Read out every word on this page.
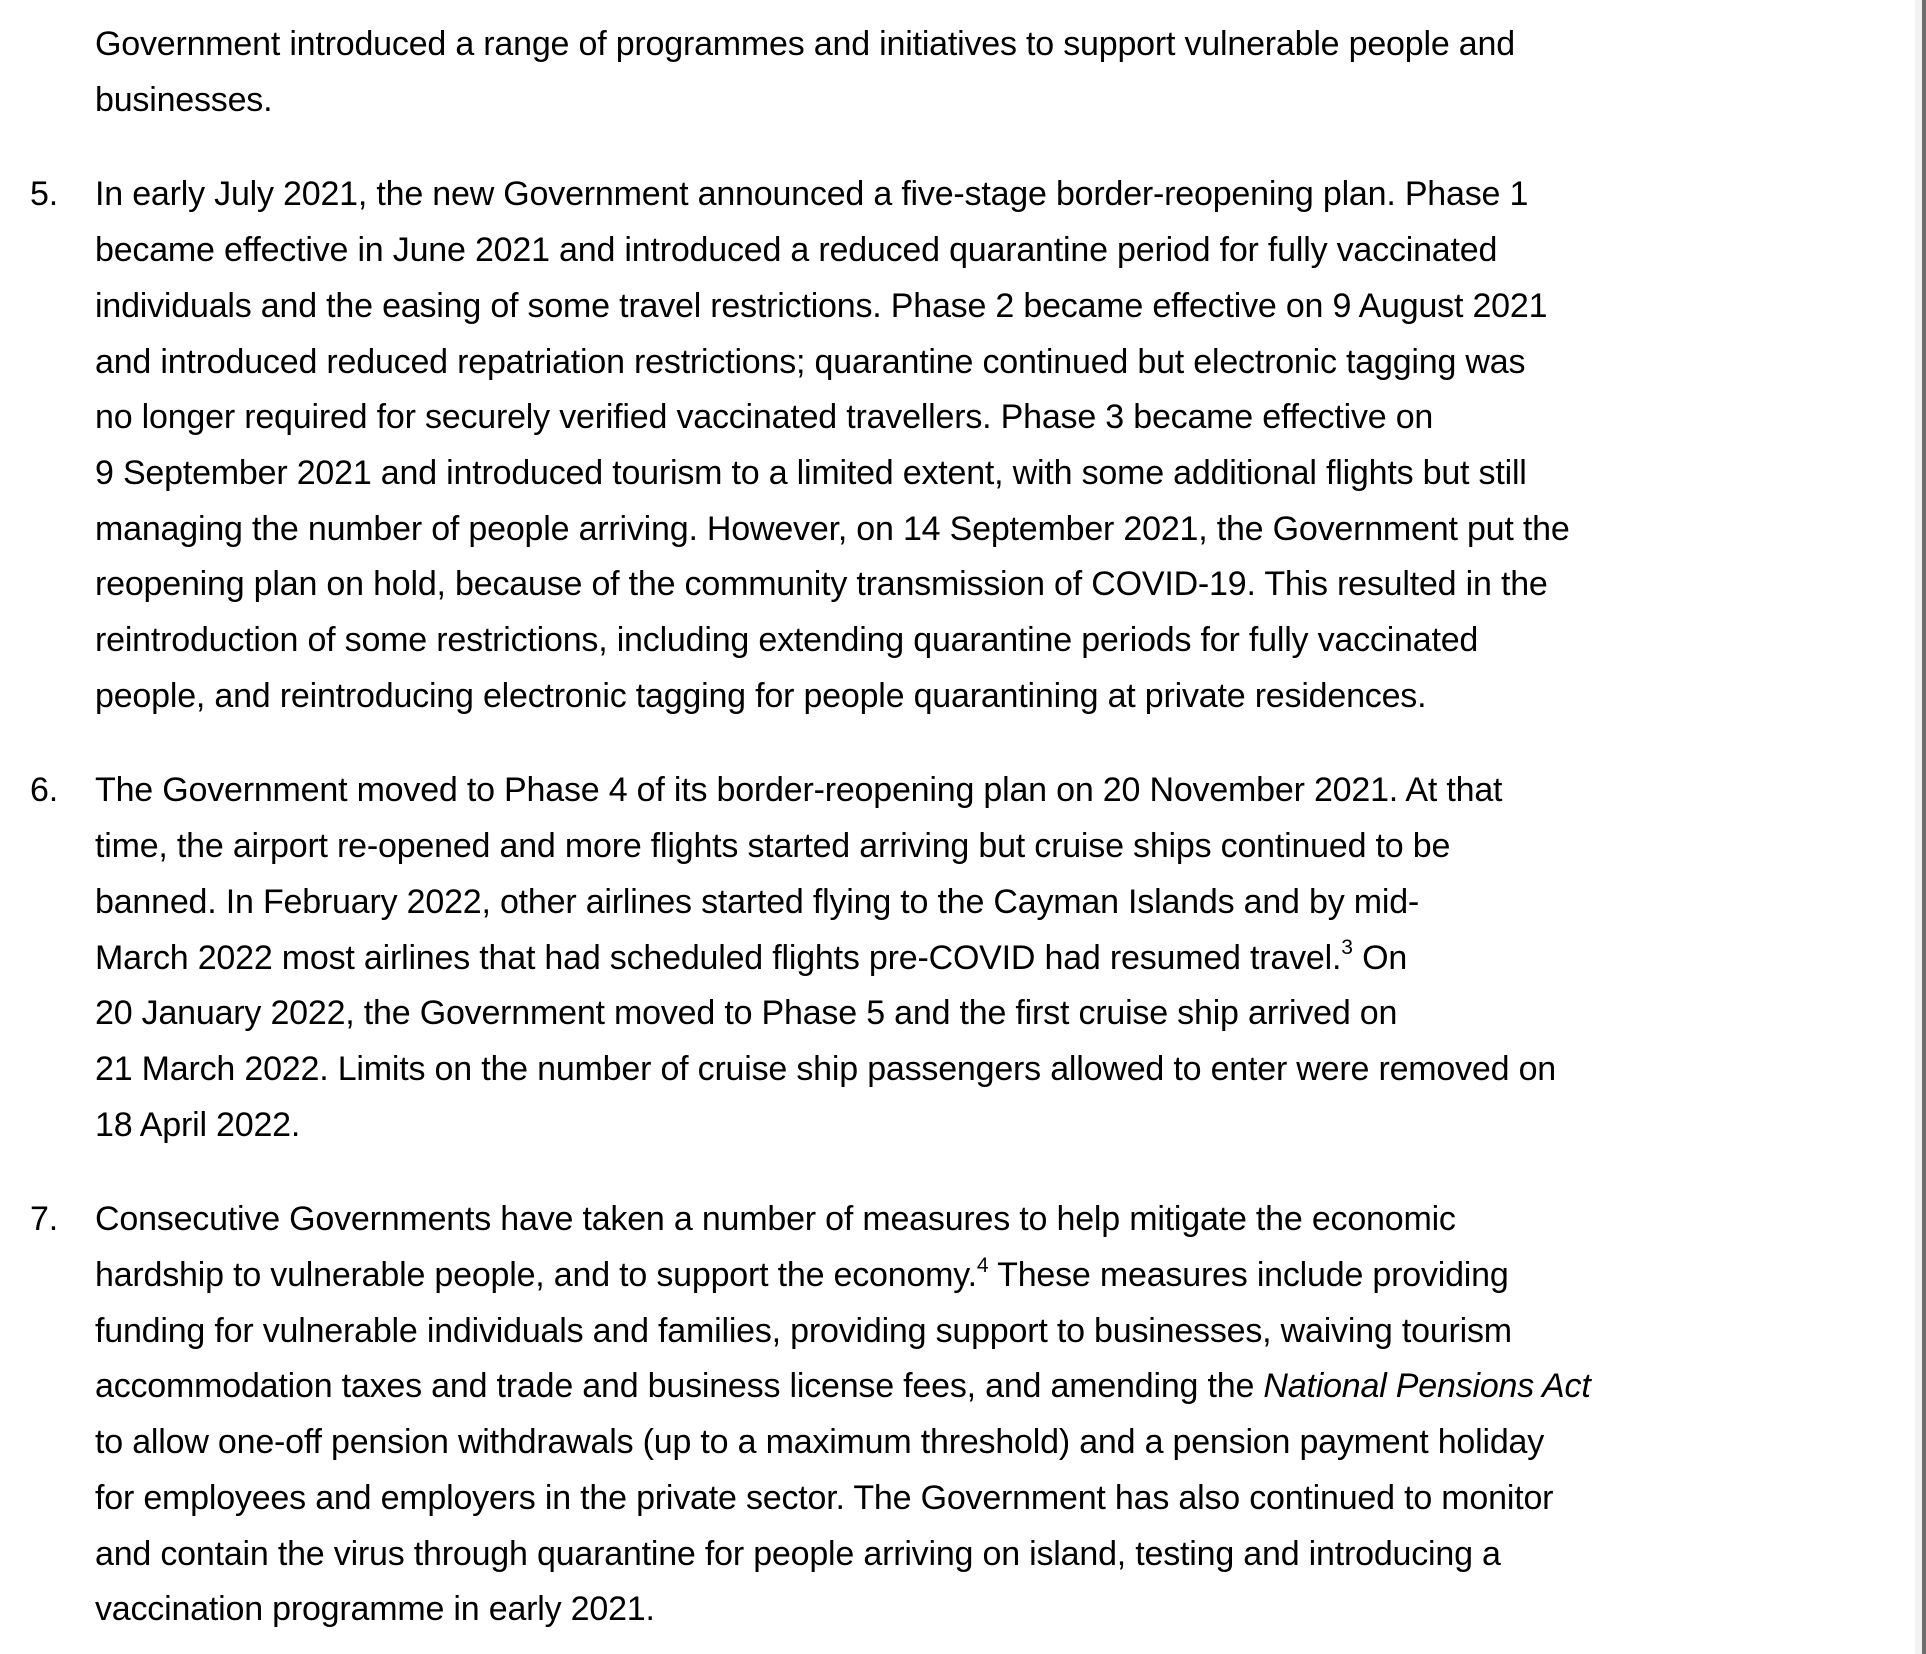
Government introduced a range of programmes and initiatives to support vulnerable people and
businesses.
5.	In early July 2021, the new Government announced a five-stage border-reopening plan. Phase 1
became effective in June 2021 and introduced a reduced quarantine period for fully vaccinated
individuals and the easing of some travel restrictions. Phase 2 became effective on 9 August 2021
and introduced reduced repatriation restrictions; quarantine continued but electronic tagging was
no longer required for securely verified vaccinated travellers. Phase 3 became effective on
9 September 2021 and introduced tourism to a limited extent, with some additional flights but still
managing the number of people arriving. However, on 14 September 2021, the Government put the
reopening plan on hold, because of the community transmission of COVID-19. This resulted in the
reintroduction of some restrictions, including extending quarantine periods for fully vaccinated
people, and reintroducing electronic tagging for people quarantining at private residences.
6.	The Government moved to Phase 4 of its border-reopening plan on 20 November 2021. At that
time, the airport re-opened and more flights started arriving but cruise ships continued to be
banned. In February 2022, other airlines started flying to the Cayman Islands and by mid-
March 2022 most airlines that had scheduled flights pre-COVID had resumed travel.$^3$ On
20 January 2022, the Government moved to Phase 5 and the first cruise ship arrived on
21 March 2022. Limits on the number of cruise ship passengers allowed to enter were removed on
18 April 2022.
7.	Consecutive Governments have taken a number of measures to help mitigate the economic
hardship to vulnerable people, and to support the economy.$^4$ These measures include providing
funding for vulnerable individuals and families, providing support to businesses, waiving tourism
accommodation taxes and trade and business license fees, and amending the National Pensions Act
to allow one-off pension withdrawals (up to a maximum threshold) and a pension payment holiday
for employees and employers in the private sector. The Government has also continued to monitor
and contain the virus through quarantine for people arriving on island, testing and introducing a
vaccination programme in early 2021.
